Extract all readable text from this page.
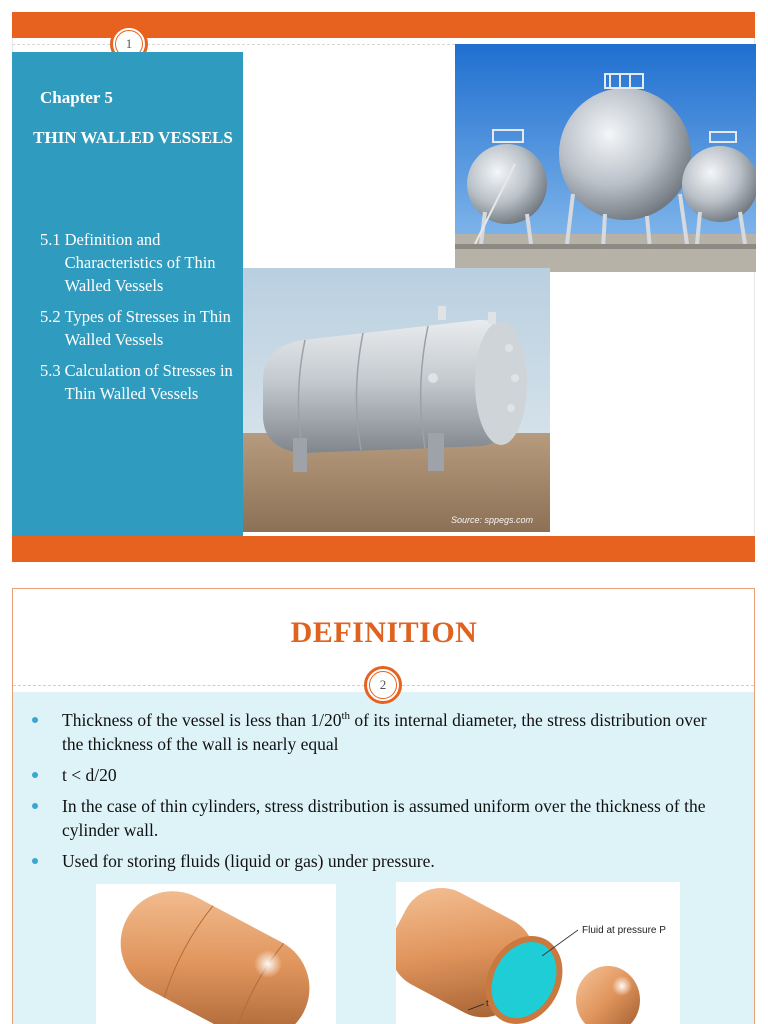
1
Chapter 5
THIN WALLED VESSELS
5.1 Definition and Characteristics of Thin Walled Vessels
5.2 Types of Stresses in Thin Walled Vessels
5.3 Calculation of Stresses in Thin Walled Vessels
Source: sppegs.com
DEFINITION
2
Thickness of the vessel is less than 1/20th of its internal diameter, the stress distribution over the thickness of the wall is nearly equal
t < d/20
In the case of thin cylinders, stress distribution is assumed uniform over the thickness of the cylinder wall.
Used for storing fluids (liquid or gas) under pressure.
Fluid at pressure P
t
